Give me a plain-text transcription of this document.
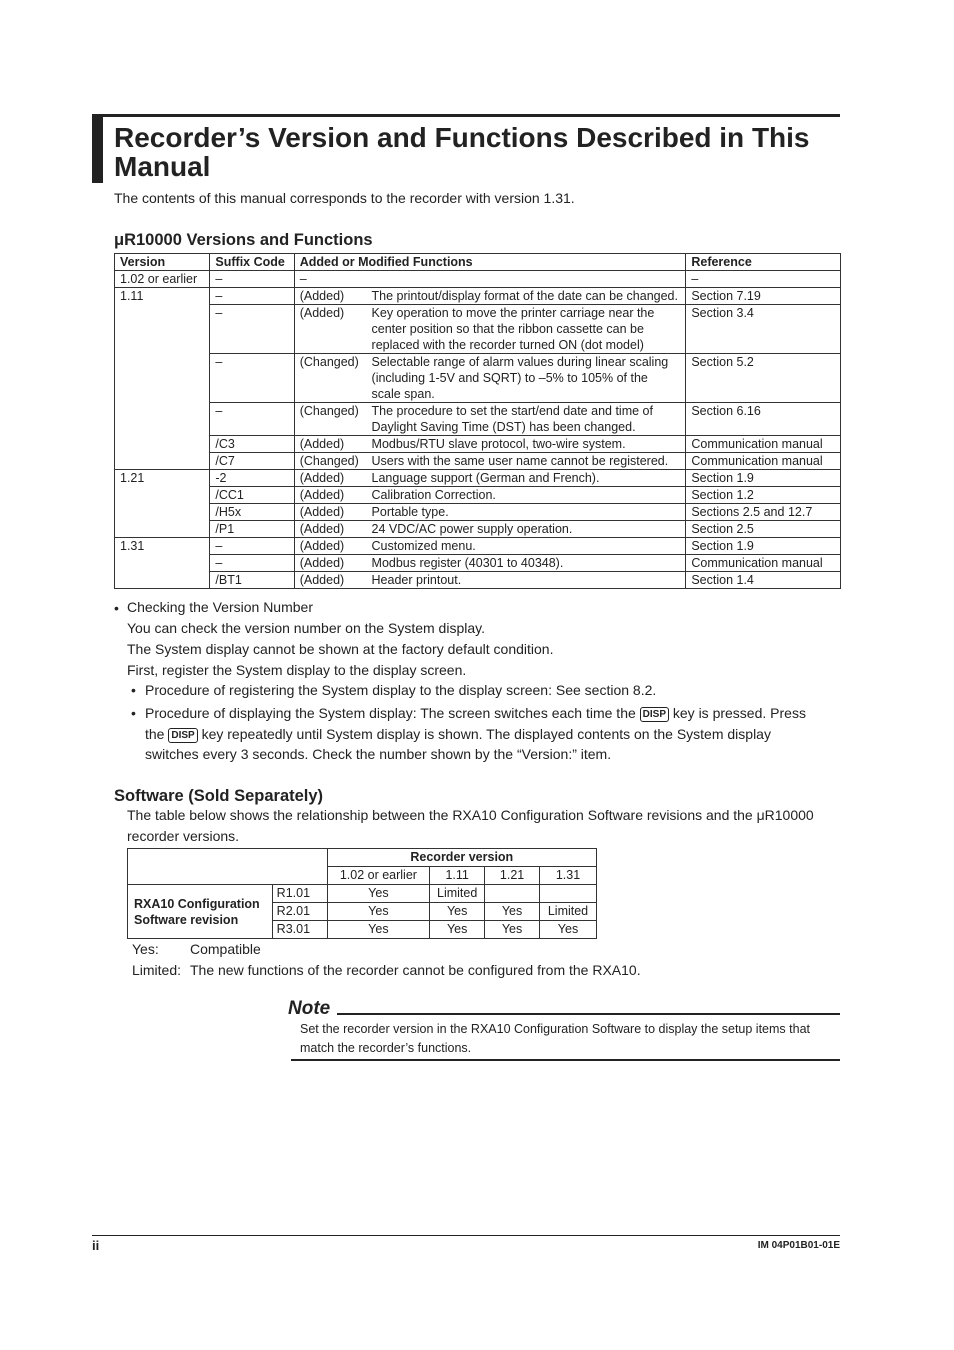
Recorder’s Version and Functions Described in This Manual

The contents of this manual corresponds to the recorder with version 1.31.

μR10000 Versions and Functions
Version	Suffix Code	Added or Modified Functions		Reference
1.02 or earlier	–	–		–
1.11	–	(Added)	The printout/display format of the date can be changed.	Section 7.19
	–	(Added)	Key operation to move the printer carriage near the center position so that the ribbon cassette can be replaced with the recorder turned ON (dot model)	Section 3.4
	–	(Changed)	Selectable range of alarm values during linear scaling (including 1-5V and SQRT) to –5% to 105% of the scale span.	Section 5.2
	–	(Changed)	The procedure to set the start/end date and time of Daylight Saving Time (DST) has been changed.	Section 6.16
	/C3	(Added)	Modbus/RTU slave protocol, two-wire system.	Communication manual
	/C7	(Changed)	Users with the same user name cannot be registered.	Communication manual
1.21	-2	(Added)	Language support (German and French).	Section 1.9
	/CC1	(Added)	Calibration Correction.	Section 1.2
	/H5x	(Added)	Portable type.	Sections 2.5 and 12.7
	/P1	(Added)	24 VDC/AC power supply operation.	Section 2.5
1.31	–	(Added)	Customized menu.	Section 1.9
	–	(Added)	Modbus register (40301 to 40348).	Communication manual
	/BT1	(Added)	Header printout.	Section 1.4
• Checking the Version Number

You can check the version number on the System display.

The System display cannot be shown at the factory default condition.

First, register the System display to the display screen.

• Procedure of registering the System display to the display screen: See section 8.2.

• Procedure of displaying the System display: The screen switches each time the DISP key is pressed. Press

the DISP key repeatedly until System display is shown. The displayed contents on the System display

switches every 3 seconds. Check the number shown by the “Version:” item.

Software (Sold Separately)

The table below shows the relationship between the RXA10 Configuration Software revisions and the μR10000

recorder versions.

		Recorder version			
		1.02 or earlier	1.11	1.21	1.31
RXA10 Configuration Software revision	R1.01	Yes	Limited		
	R2.01	Yes	Yes	Yes	Limited
	R3.01	Yes	Yes	Yes	Yes
Yes: Compatible
Limited: The new functions of the recorder cannot be configured from the RXA10.
Note

Set the recorder version in the RXA10 Configuration Software to display the setup items that match the recorder’s functions.

ii	IM 04P01B01-01E
